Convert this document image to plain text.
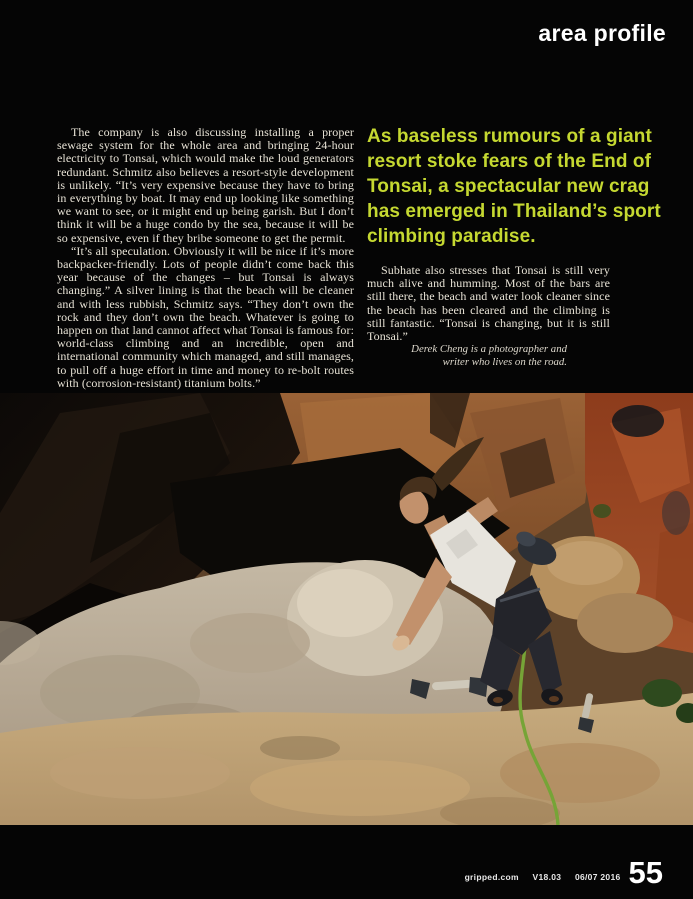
area profile

The company is also discussing installing a proper sewage system for the whole area and bringing 24-hour electricity to Tonsai, which would make the loud generators redundant. Schmitz also believes a resort-style development is unlikely. “It’s very expensive because they have to bring in everything by boat. It may end up looking like something we want to see, or it might end up being garish. But I don’t think it will be a huge condo by the sea, because it will be so expensive, even if they bribe someone to get the permit.

“It’s all speculation. Obviously it will be nice if it’s more backpacker-friendly. Lots of people didn’t come back this year because of the changes – but Tonsai is always changing.” A silver lining is that the beach will be cleaner and with less rubbish, Schmitz says. “They don’t own the rock and they don’t own the beach. Whatever is going to happen on that land cannot affect what Tonsai is famous for: world-class climbing and an incredible, open and international community which managed, and still manages, to pull off a huge effort in time and money to re-bolt routes with (corrosion-resistant) titanium bolts.”

As baseless rumours of a giant resort stoke fears of the End of Tonsai, a spectacular new crag has emerged in Thailand’s sport climbing paradise.

Subhate also stresses that Tonsai is still very much alive and humming. Most of the bars are still there, the beach and water look cleaner since the beach has been cleared and the climbing is still fantastic. “Tonsai is changing, but it is still Tonsai.”

Derek Cheng is a photographer and writer who lives on the road.
gripped.com V18.03 06/07 2016 55
